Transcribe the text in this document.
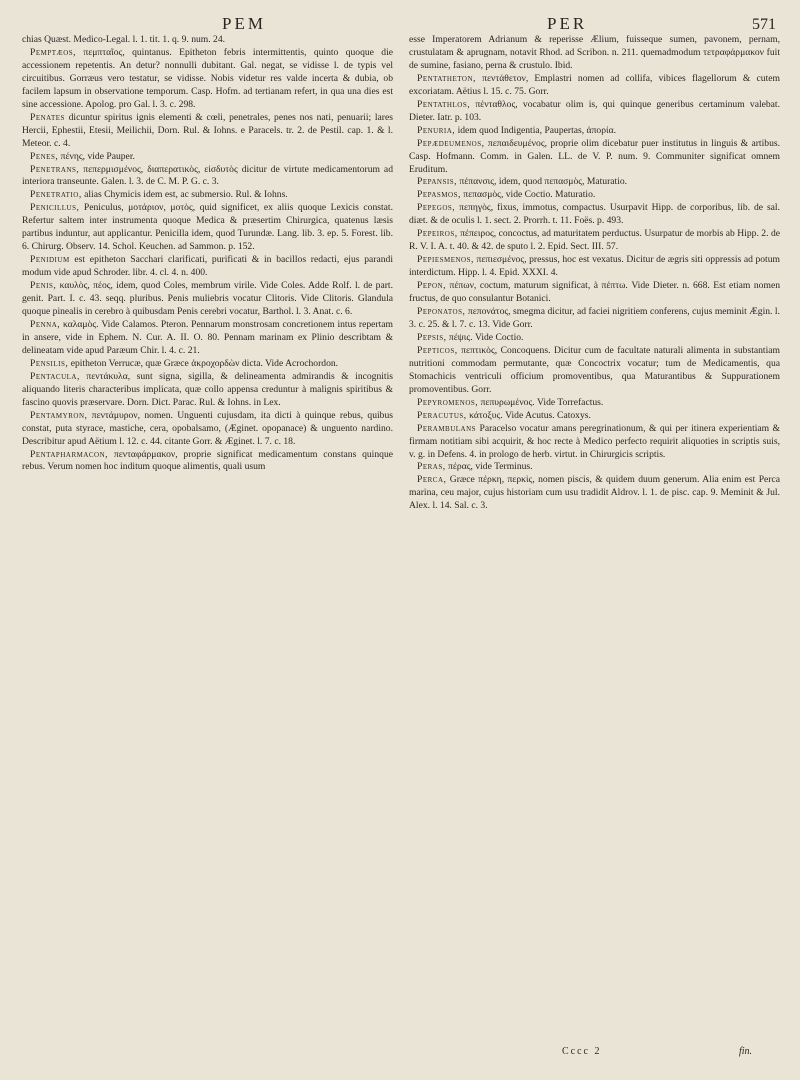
PEM	PER	571

chias Quæst. Medico-Legal. l. 1. tit. 1. q. 9. num. 24.

Pemptæos, πεμπταῖος, quintanus. Epitheton febris intermittentis, quinto quoque die accessionem repetentis. An detur? nonnulli dubitant. Gal. negat, se vidisse l. de typis vel circuitibus. Gorræus vero testatur, se vidisse. Nobis videtur res valde incerta & dubia, ob facilem lapsum in observatione temporum. Casp. Hofm. ad tertianam refert, in qua una dies est sine accessione. Apolog. pro Gal. l. 3. c. 298.

Penates dicuntur spiritus ignis elementi & cœli, penetrales, penes nos nati, penuarii; lares Hercii, Ephestii, Etesii, Meilichii, Dorn. Rul. & Iohns. e Paracels. tr. 2. de Pestil. cap. 1. & l. Meteor. c. 4.

Penes, πένης, vide Pauper.

Penetrans, πεπερμισμένος, διαπερατικὸς, εἰσδυτὸς dicitur de virtute medicamentorum ad interiora transeunte. Galen. l. 3. de C. M. P. G. c. 3.

Penetratio, alias Chymicis idem est, ac submersio. Rul. & Iohns.

Penicillus, Peniculus, μοτάριον, μοτὸς, quid significet, ex aliis quoque Lexicis constat. Refertur saltem inter instrumenta quoque Medica & præsertim Chirurgica, quatenus læsis partibus induntur, aut applicantur. Penicilla idem, quod Turundæ. Lang. lib. 3. ep. 5. Forest. lib. 6. Chirurg. Observ. 14. Schol. Keuchen. ad Sammon. p. 152.

Penidium est epitheton Sacchari clarificati, purificati & in bacillos redacti, ejus parandi modum vide apud Schroder. libr. 4. cl. 4. n. 400.

Penis, καυλὸς, πέος, idem, quod Coles, membrum virile. Vide Coles. Adde Rolf. l. de part. genit. Part. I. c. 43. seqq. pluribus. Penis muliebris vocatur Clitoris. Vide Clitoris. Glandula quoque pinealis in cerebro à quibusdam Penis cerebri vocatur, Barthol. l. 3. Anat. c. 6.

Penna, καλαμὸς. Vide Calamos. Pteron. Pennarum monstrosam concretionem intus repertam in ansere, vide in Ephem. N. Cur. A. II. O. 80. Pennam marinam ex Plinio describtam & delineatam vide apud Paræum Chir. l. 4. c. 21.

Pensilis, epitheton Verrucæ, quæ Græce ἀκροχορδὼν dicta. Vide Acrochordon.

Pentacula, πεντάκυλα, sunt signa, sigilla, & delineamenta admirandis & incognitis aliquando literis characteribus implicata, quæ collo appensa creduntur à malignis spiritibus & fascino quovis præservare. Dorn. Dict. Parac. Rul. & Iohns. in Lex.

Pentamyron, πεντάμυρον, nomen. Unguenti cujusdam, ita dicti à quinque rebus, quibus constat, puta styrace, mastiche, cera, opobalsamo, (Æginet. opopanace) & unguento nardino. Describitur apud Aëtium l. 12. c. 44. citante Gorr. & Æginet. l. 7. c. 18.

Pentapharmacon, πενταφάρμακον, proprie significat medicamentum constans quinque rebus. Verum nomen hoc inditum quoque alimentis, quali usum

esse Imperatorem Adrianum & reperisse Ælium, fuisseque sumen, pavonem, pernam, crustulatam & aprugnam, notavit Rhod. ad Scribon. n. 211. quemadmodum τετραφάρμακον fuit de sumine, fasiano, perna & crustulo. Ibid.

Pentatheton, πεντάθετον, Emplastri nomen ad collifa, vibices flagellorum & cutem excoriatam. Aëtius l. 15. c. 75. Gorr.

Pentathlos, πένταθλος, vocabatur olim is, qui quinque generibus certaminum valebat. Dieter. Iatr. p. 103.

Penuria, idem quod Indigentia, Paupertas, ἀπορία.

Pepædeumenos, πεπαιδευμένος, proprie olim dicebatur puer institutus in linguis & artibus. Casp. Hofmann. Comm. in Galen. LL. de V. P. num. 9. Communiter significat omnem Eruditum.

Pepansis, πέπανσις, idem, quod πεπασμὸς, Maturatio.

Pepasmos, πεπασμὸς, vide Coctio. Maturatio.

Pepegos, πεπηγὸς, fixus, immotus, compactus. Usurpavit Hipp. de corporibus, lib. de sal. diæt. & de oculis l. 1. sect. 2. Prorrh. t. 11. Foës. p. 493.

Pepeiros, πέπειρος, concoctus, ad maturitatem perductus. Usurpatur de morbis ab Hipp. 2. de R. V. I. A. t. 40. & 42. de sputo l. 2. Epid. Sect. III. 57.

Pepiesmenos, πεπιεσμένος, pressus, hoc est vexatus. Dicitur de ægris siti oppressis ad potum interdictum. Hipp. l. 4. Epid. XXXI. 4.

Pepon, πέπων, coctum, maturum significat, à πέπτω. Vide Dieter. n. 668. Est etiam nomen fructus, de quo consulantur Botanici.

Peponatos, πεπονάτος, smegma dicitur, ad faciei nigritiem conferens, cujus meminit Ægin. l. 3. c. 25. & l. 7. c. 13. Vide Gorr.

Pepsis, πέψις. Vide Coctio.

Pepticos, πεπτικὸς, Concoquens. Dicitur cum de facultate naturali alimenta in substantiam nutritioni commodam permutante, quæ Concoctrix vocatur; tum de Medicamentis, qua Stomachicis ventriculi officium promoventibus, qua Maturantibus & Suppurationem promoventibus. Gorr.

Pepyromenos, πεπυρωμένος. Vide Torrefactus.

Peracutus, κάτοξυς. Vide Acutus. Catoxys.

Perambulans Paracelso vocatur amans peregrinationum, & qui per itinera experientiam & firmam notitiam sibi acquirit, & hoc recte à Medico perfecto requirit aliquoties in scriptis suis, v. g. in Defens. 4. in prologo de herb. virtut. in Chirurgicis scriptis.

Peras, πέρας, vide Terminus.

Perca, Græce πέρκη, περκὶς, nomen piscis, & quidem duum generum. Alia enim est Perca marina, ceu major, cujus historiam cum usu tradidit Aldrov. l. 1. de pisc. cap. 9. Meminit & Jul. Alex. l. 14. Sal. c. 3.

Cccc 2	fin.
